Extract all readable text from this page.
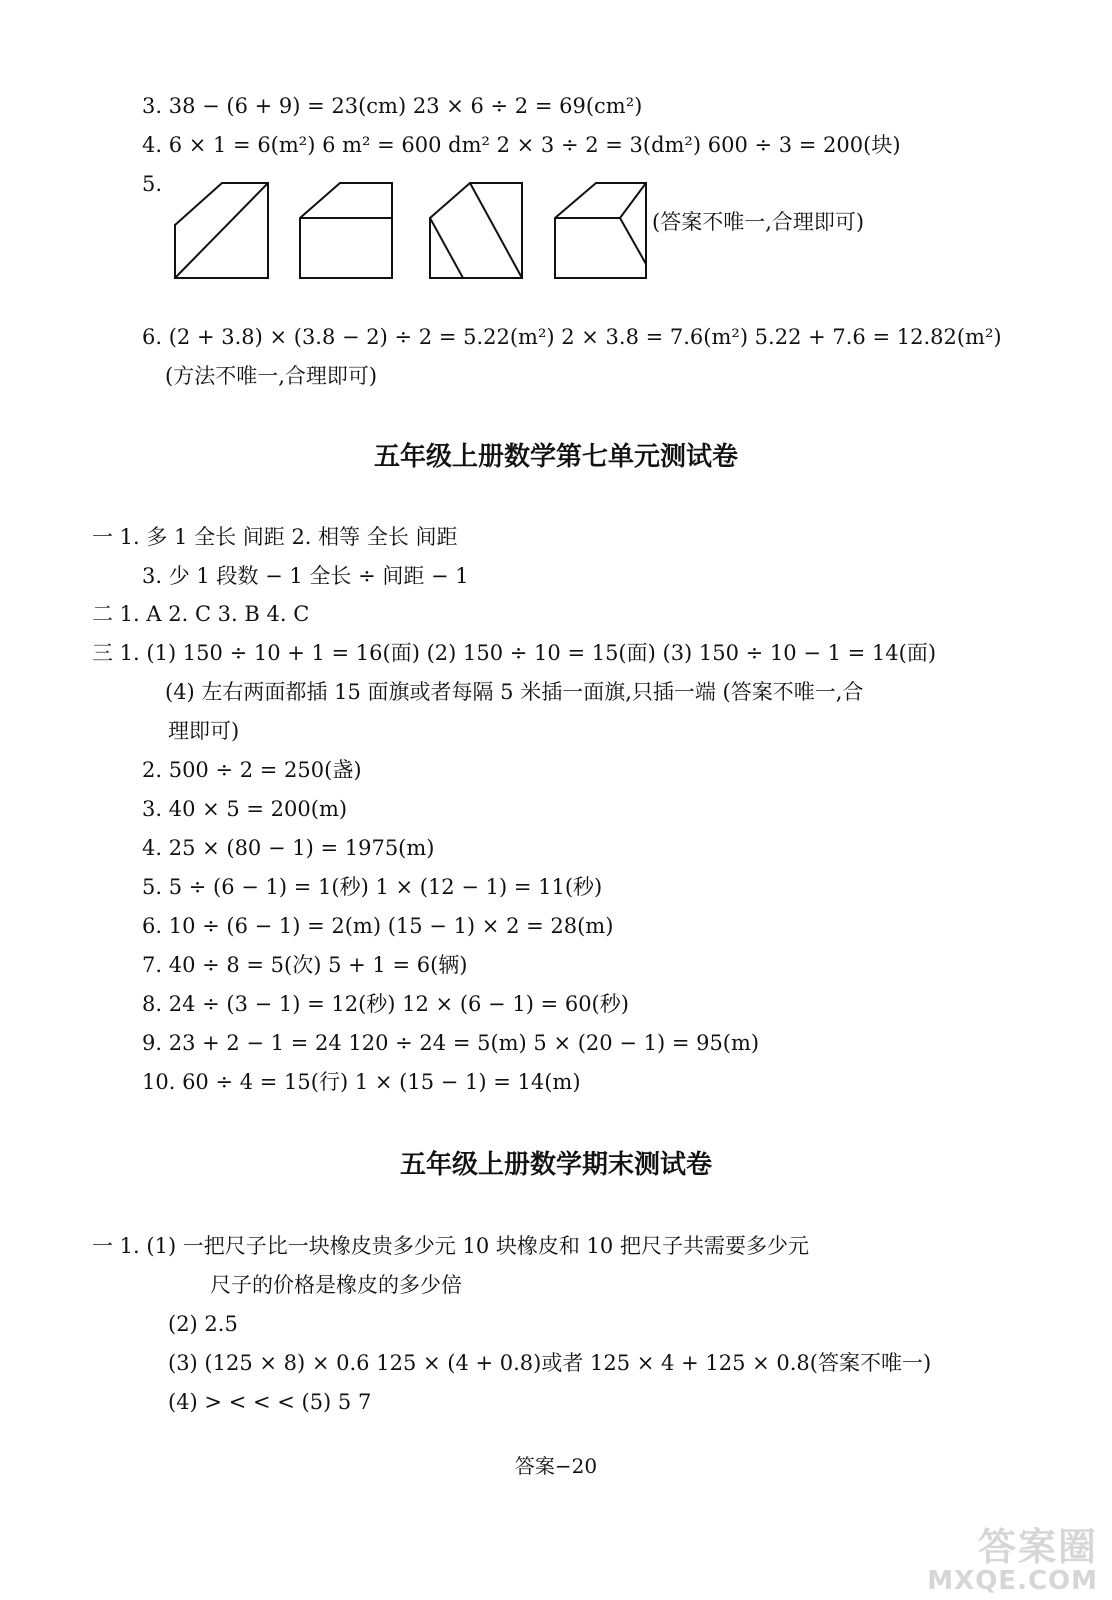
3. 38 − (6 + 9) = 23(cm) 23 × 6 ÷ 2 = 69(cm²)
4. 6 × 1 = 6(m²) 6 m² = 600 dm² 2 × 3 ÷ 2 = 3(dm²) 600 ÷ 3 = 200(块)
5.
(答案不唯一,合理即可)
6. (2 + 3.8) × (3.8 − 2) ÷ 2 = 5.22(m²) 2 × 3.8 = 7.6(m²) 5.22 + 7.6 = 12.82(m²)
(方法不唯一,合理即可)
五年级上册数学第七单元测试卷
一 1. 多 1 全长 间距 2. 相等 全长 间距
3. 少 1 段数 − 1 全长 ÷ 间距 − 1
二 1. A 2. C 3. B 4. C
三 1. (1) 150 ÷ 10 + 1 = 16(面) (2) 150 ÷ 10 = 15(面) (3) 150 ÷ 10 − 1 = 14(面)
(4) 左右两面都插 15 面旗或者每隔 5 米插一面旗,只插一端 (答案不唯一,合
理即可)
2. 500 ÷ 2 = 250(盏)
3. 40 × 5 = 200(m)
4. 25 × (80 − 1) = 1975(m)
5. 5 ÷ (6 − 1) = 1(秒) 1 × (12 − 1) = 11(秒)
6. 10 ÷ (6 − 1) = 2(m) (15 − 1) × 2 = 28(m)
7. 40 ÷ 8 = 5(次) 5 + 1 = 6(辆)
8. 24 ÷ (3 − 1) = 12(秒) 12 × (6 − 1) = 60(秒)
9. 23 + 2 − 1 = 24 120 ÷ 24 = 5(m) 5 × (20 − 1) = 95(m)
10. 60 ÷ 4 = 15(行) 1 × (15 − 1) = 14(m)
五年级上册数学期末测试卷
一 1. (1) 一把尺子比一块橡皮贵多少元 10 块橡皮和 10 把尺子共需要多少元
尺子的价格是橡皮的多少倍
(2) 2.5
(3) (125 × 8) × 0.6 125 × (4 + 0.8)或者 125 × 4 + 125 × 0.8(答案不唯一)
(4) > < < < (5) 5 7
答案−20
答案圈
MXQE.COM
